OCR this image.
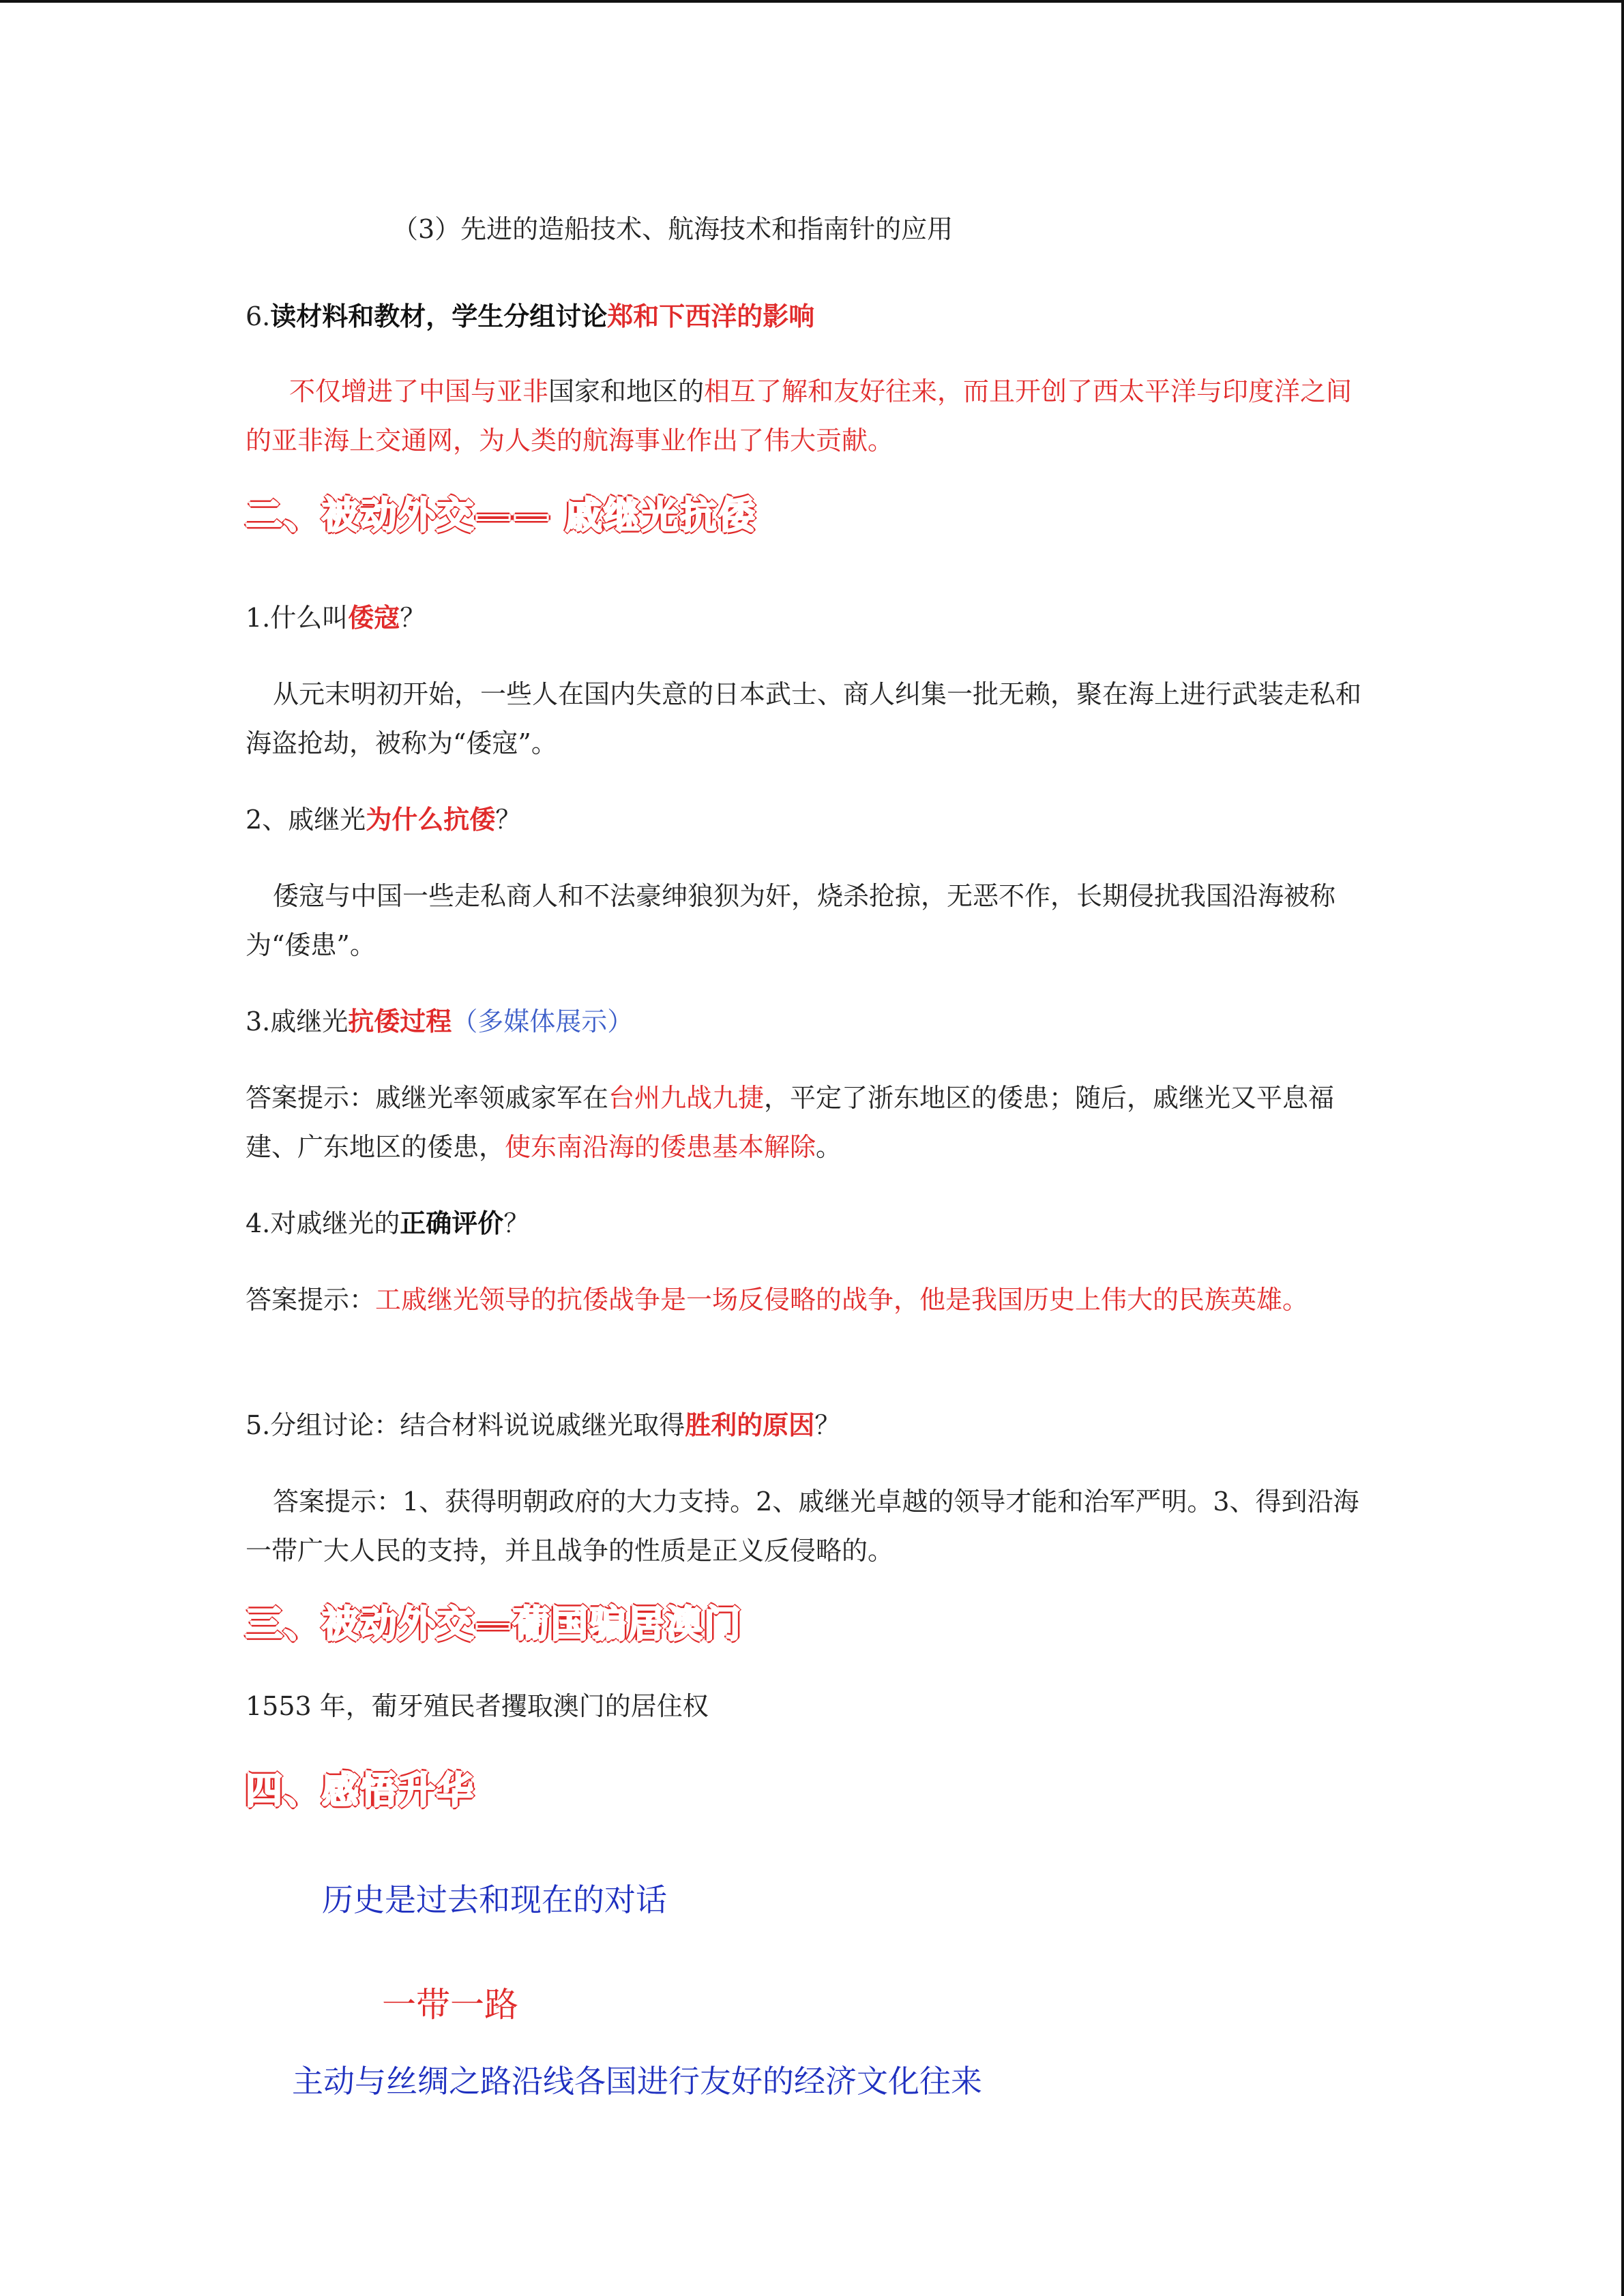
（3）先进的造船技术、航海技术和指南针的应用
6.读材料和教材，学生分组讨论郑和下西洋的影响
不仅增进了中国与亚非国家和地区的相互了解和友好往来，而且开创了西太平洋与印度洋之间的亚非海上交通网，为人类的航海事业作出了伟大贡献。
二、被动外交—— 戚继光抗倭
1.什么叫倭寇？
从元末明初开始，一些人在国内失意的日本武士、商人纠集一批无赖，聚在海上进行武装走私和海盗抢劫，被称为“倭寇”。
2、戚继光为什么抗倭？
倭寇与中国一些走私商人和不法豪绅狼狈为奸，烧杀抢掠，无恶不作，长期侵扰我国沿海被称为“倭患”。
3.戚继光抗倭过程（多媒体展示）
答案提示：戚继光率领戚家军在台州九战九捷，平定了浙东地区的倭患；随后，戚继光又平息福建、广东地区的倭患，使东南沿海的倭患基本解除。
4.对戚继光的正确评价？
答案提示：工戚继光领导的抗倭战争是一场反侵略的战争，他是我国历史上伟大的民族英雄。
5.分组讨论：结合材料说说戚继光取得胜利的原因？
答案提示：1、获得明朝政府的大力支持。2、戚继光卓越的领导才能和治军严明。3、得到沿海一带广大人民的支持，并且战争的性质是正义反侵略的。
三、被动外交—葡国骗居澳门
1553 年，葡牙殖民者攫取澳门的居住权
四、感悟升华
历史是过去和现在的对话
一带一路
主动与丝绸之路沿线各国进行友好的经济文化往来
